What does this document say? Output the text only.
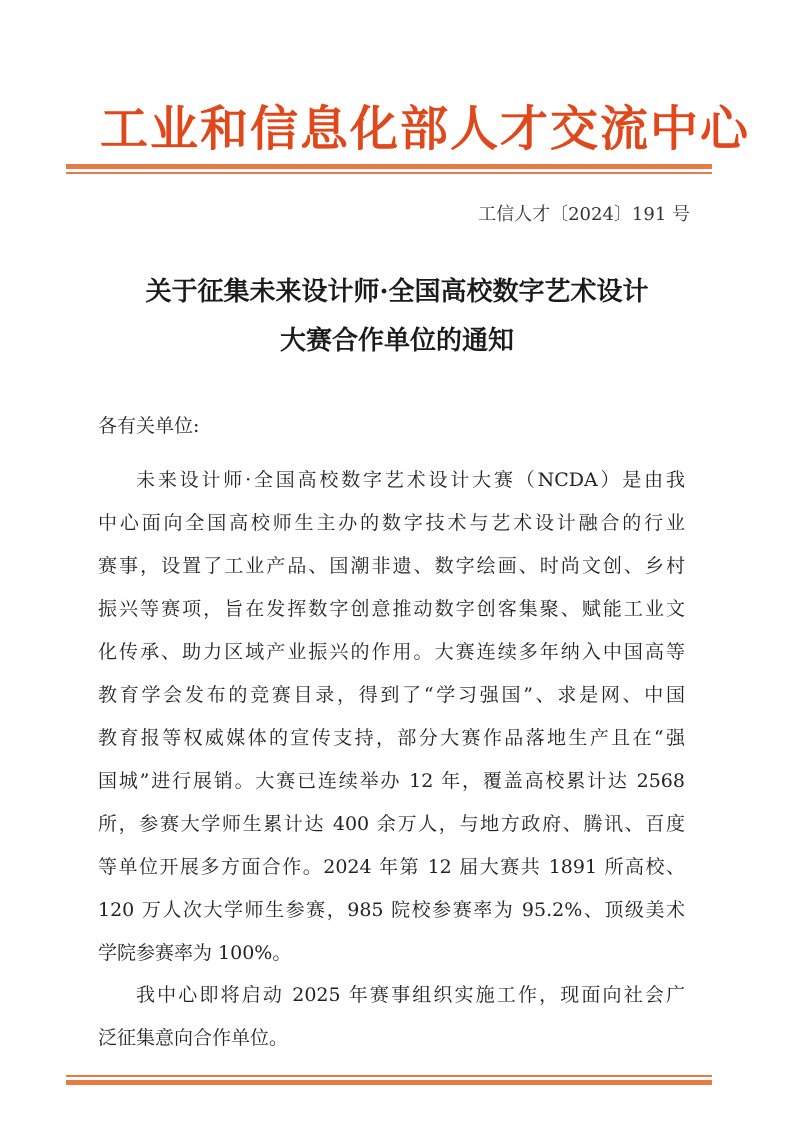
工业和信息化部人才交流中心
工信人才〔2024〕191 号
关于征集未来设计师·全国高校数字艺术设计
大赛合作单位的通知
各有关单位:
未来设计师·全国高校数字艺术设计大赛（NCDA）是由我
中心面向全国高校师生主办的数字技术与艺术设计融合的行业
赛事，设置了工业产品、国潮非遗、数字绘画、时尚文创、乡村
振兴等赛项，旨在发挥数字创意推动数字创客集聚、赋能工业文
化传承、助力区域产业振兴的作用。大赛连续多年纳入中国高等
教育学会发布的竞赛目录，得到了“学习强国”、求是网、中国
教育报等权威媒体的宣传支持，部分大赛作品落地生产且在“强
国城”进行展销。大赛已连续举办 12 年，覆盖高校累计达 2568
所，参赛大学师生累计达 400 余万人，与地方政府、腾讯、百度
等单位开展多方面合作。2024 年第 12 届大赛共 1891 所高校、
120 万人次大学师生参赛，985 院校参赛率为 95.2%、顶级美术
学院参赛率为 100%。
我中心即将启动 2025 年赛事组织实施工作，现面向社会广
泛征集意向合作单位。
